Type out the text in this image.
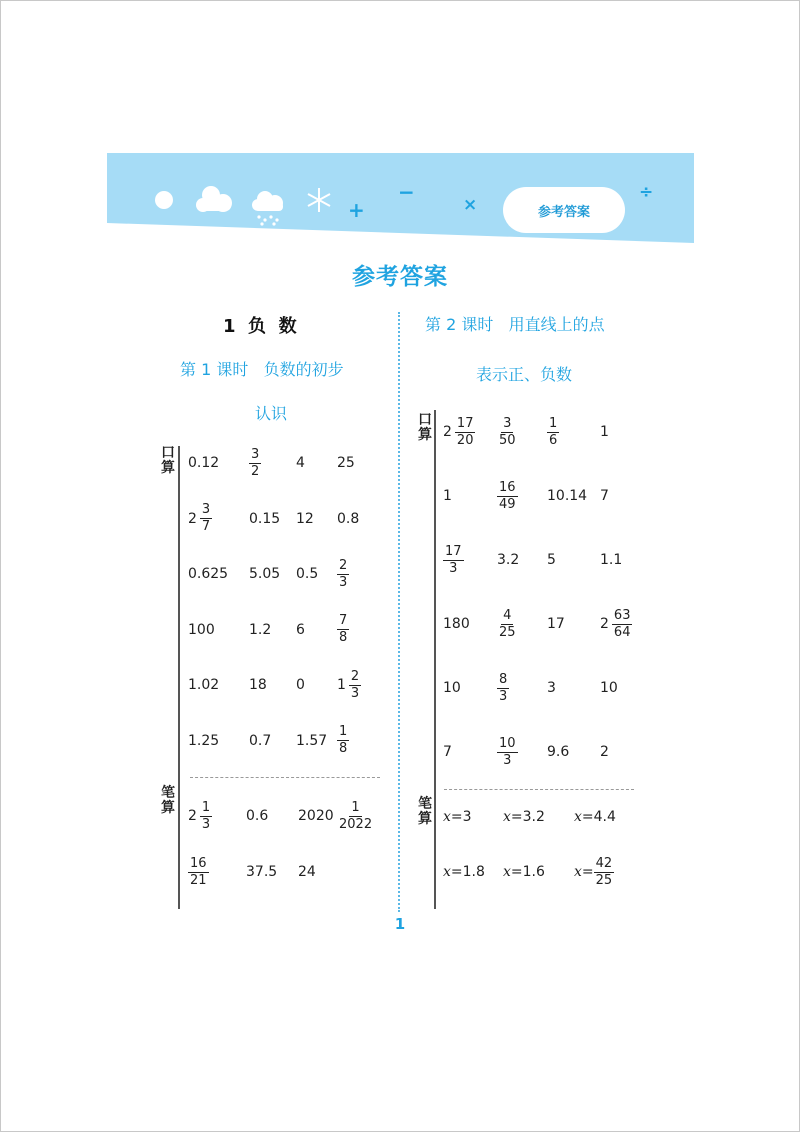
参考答案
+
−
×
÷
参考答案
1  负  数
第 1 课时   负数的初步
认识
第 2 课时   用直线上的点
表示正、负数
口算
笔算
$0.12 \frac{3}{2} 4$ 25
$2 \frac{3}{7}$	0.15 12 0.8
0.625 5.05 $0.5 \frac{2}{3}$
100 1.2 $6 \frac{7}{8}$
1.02 18 0 $1 \frac{2}{3}$
1.25 0.7 $1.57 \frac{1}{8}$
$2 \frac{1}{3} 0.6$ $2020 \frac{1}{2022}$
$\frac{16}{21}$	37.5 24
口算
笔算
$2 \frac{17}{20} \frac{3}{50} \frac{1}{6}$	1
1	$\frac{16}{49} 10.14$ 7
$\frac{17}{3} 3.2$ 5	1.1
$180 \frac{4}{25} 17$	$2 \frac{63}{64}$
10	$\frac{8}{3}$	3	10
7	$\frac{10}{3} 9.6$ 2
x =3 x =3.2 x =4.4
x =1.8 x =1.6 $x = \frac{42}{25}$
1
